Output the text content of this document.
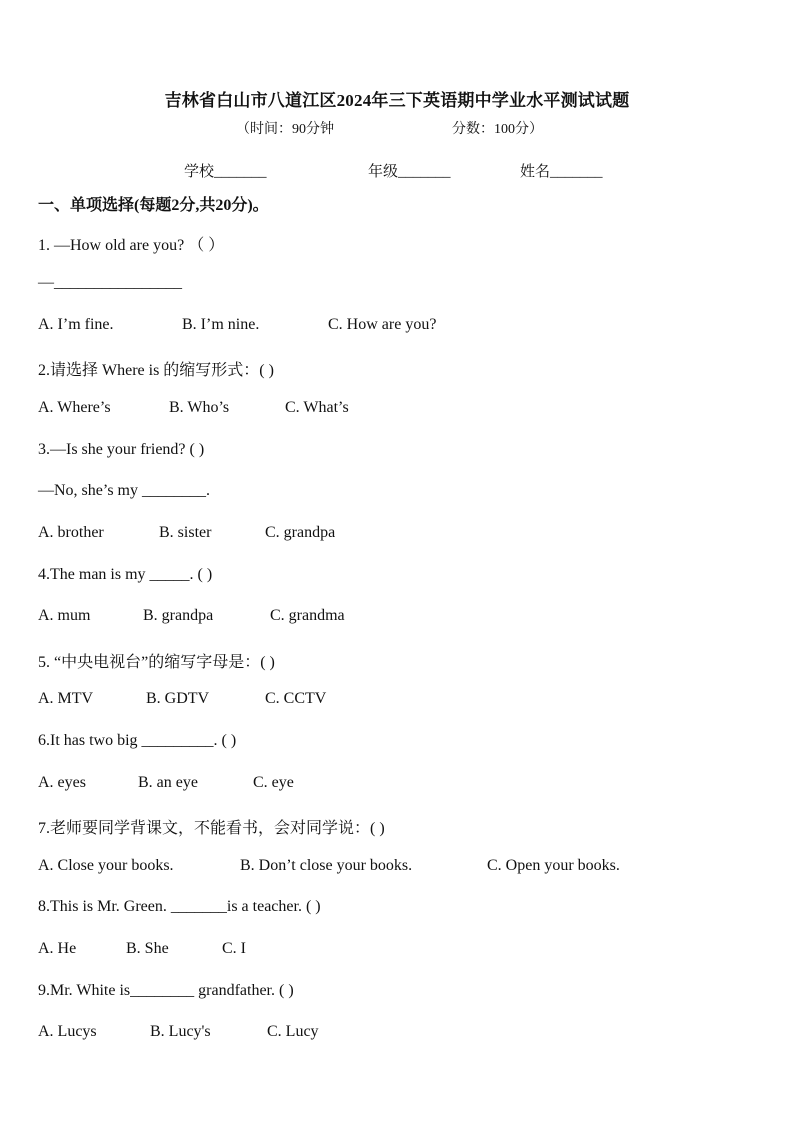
吉林省白山市八道江区2024年三下英语期中学业水平测试试题
（时间：90分钟	分数：100分）
学校_______	年级_______	姓名_______
一、单项选择(每题2分,共20分)。
1. —How old are you? （ ）
—________________
A. I’m fine.	B. I’m nine.	C. How are you?
2.请选择 Where is 的缩写形式：( )
A. Where’s	B. Who’s	C. What’s
3.—Is she your friend? ( )
—No, she’s my ________.
A. brother	B. sister	C. grandpa
4.The man is my _____. ( )
A. mum	B. grandpa	C. grandma
5. “中央电视台”的缩写字母是：( )
A. MTV	B. GDTV	C. CCTV
6.It has two big _________. ( )
A. eyes	B. an eye	C. eye
7.老师要同学背课文，不能看书，会对同学说：( )
A. Close your books.	B. Don’t close your books.	C. Open your books.
8.This is Mr. Green. _______is a teacher. ( )
A. He	B. She	C. I
9.Mr. White is________ grandfather. ( )
A. Lucys	B. Lucy's	C. Lucy
